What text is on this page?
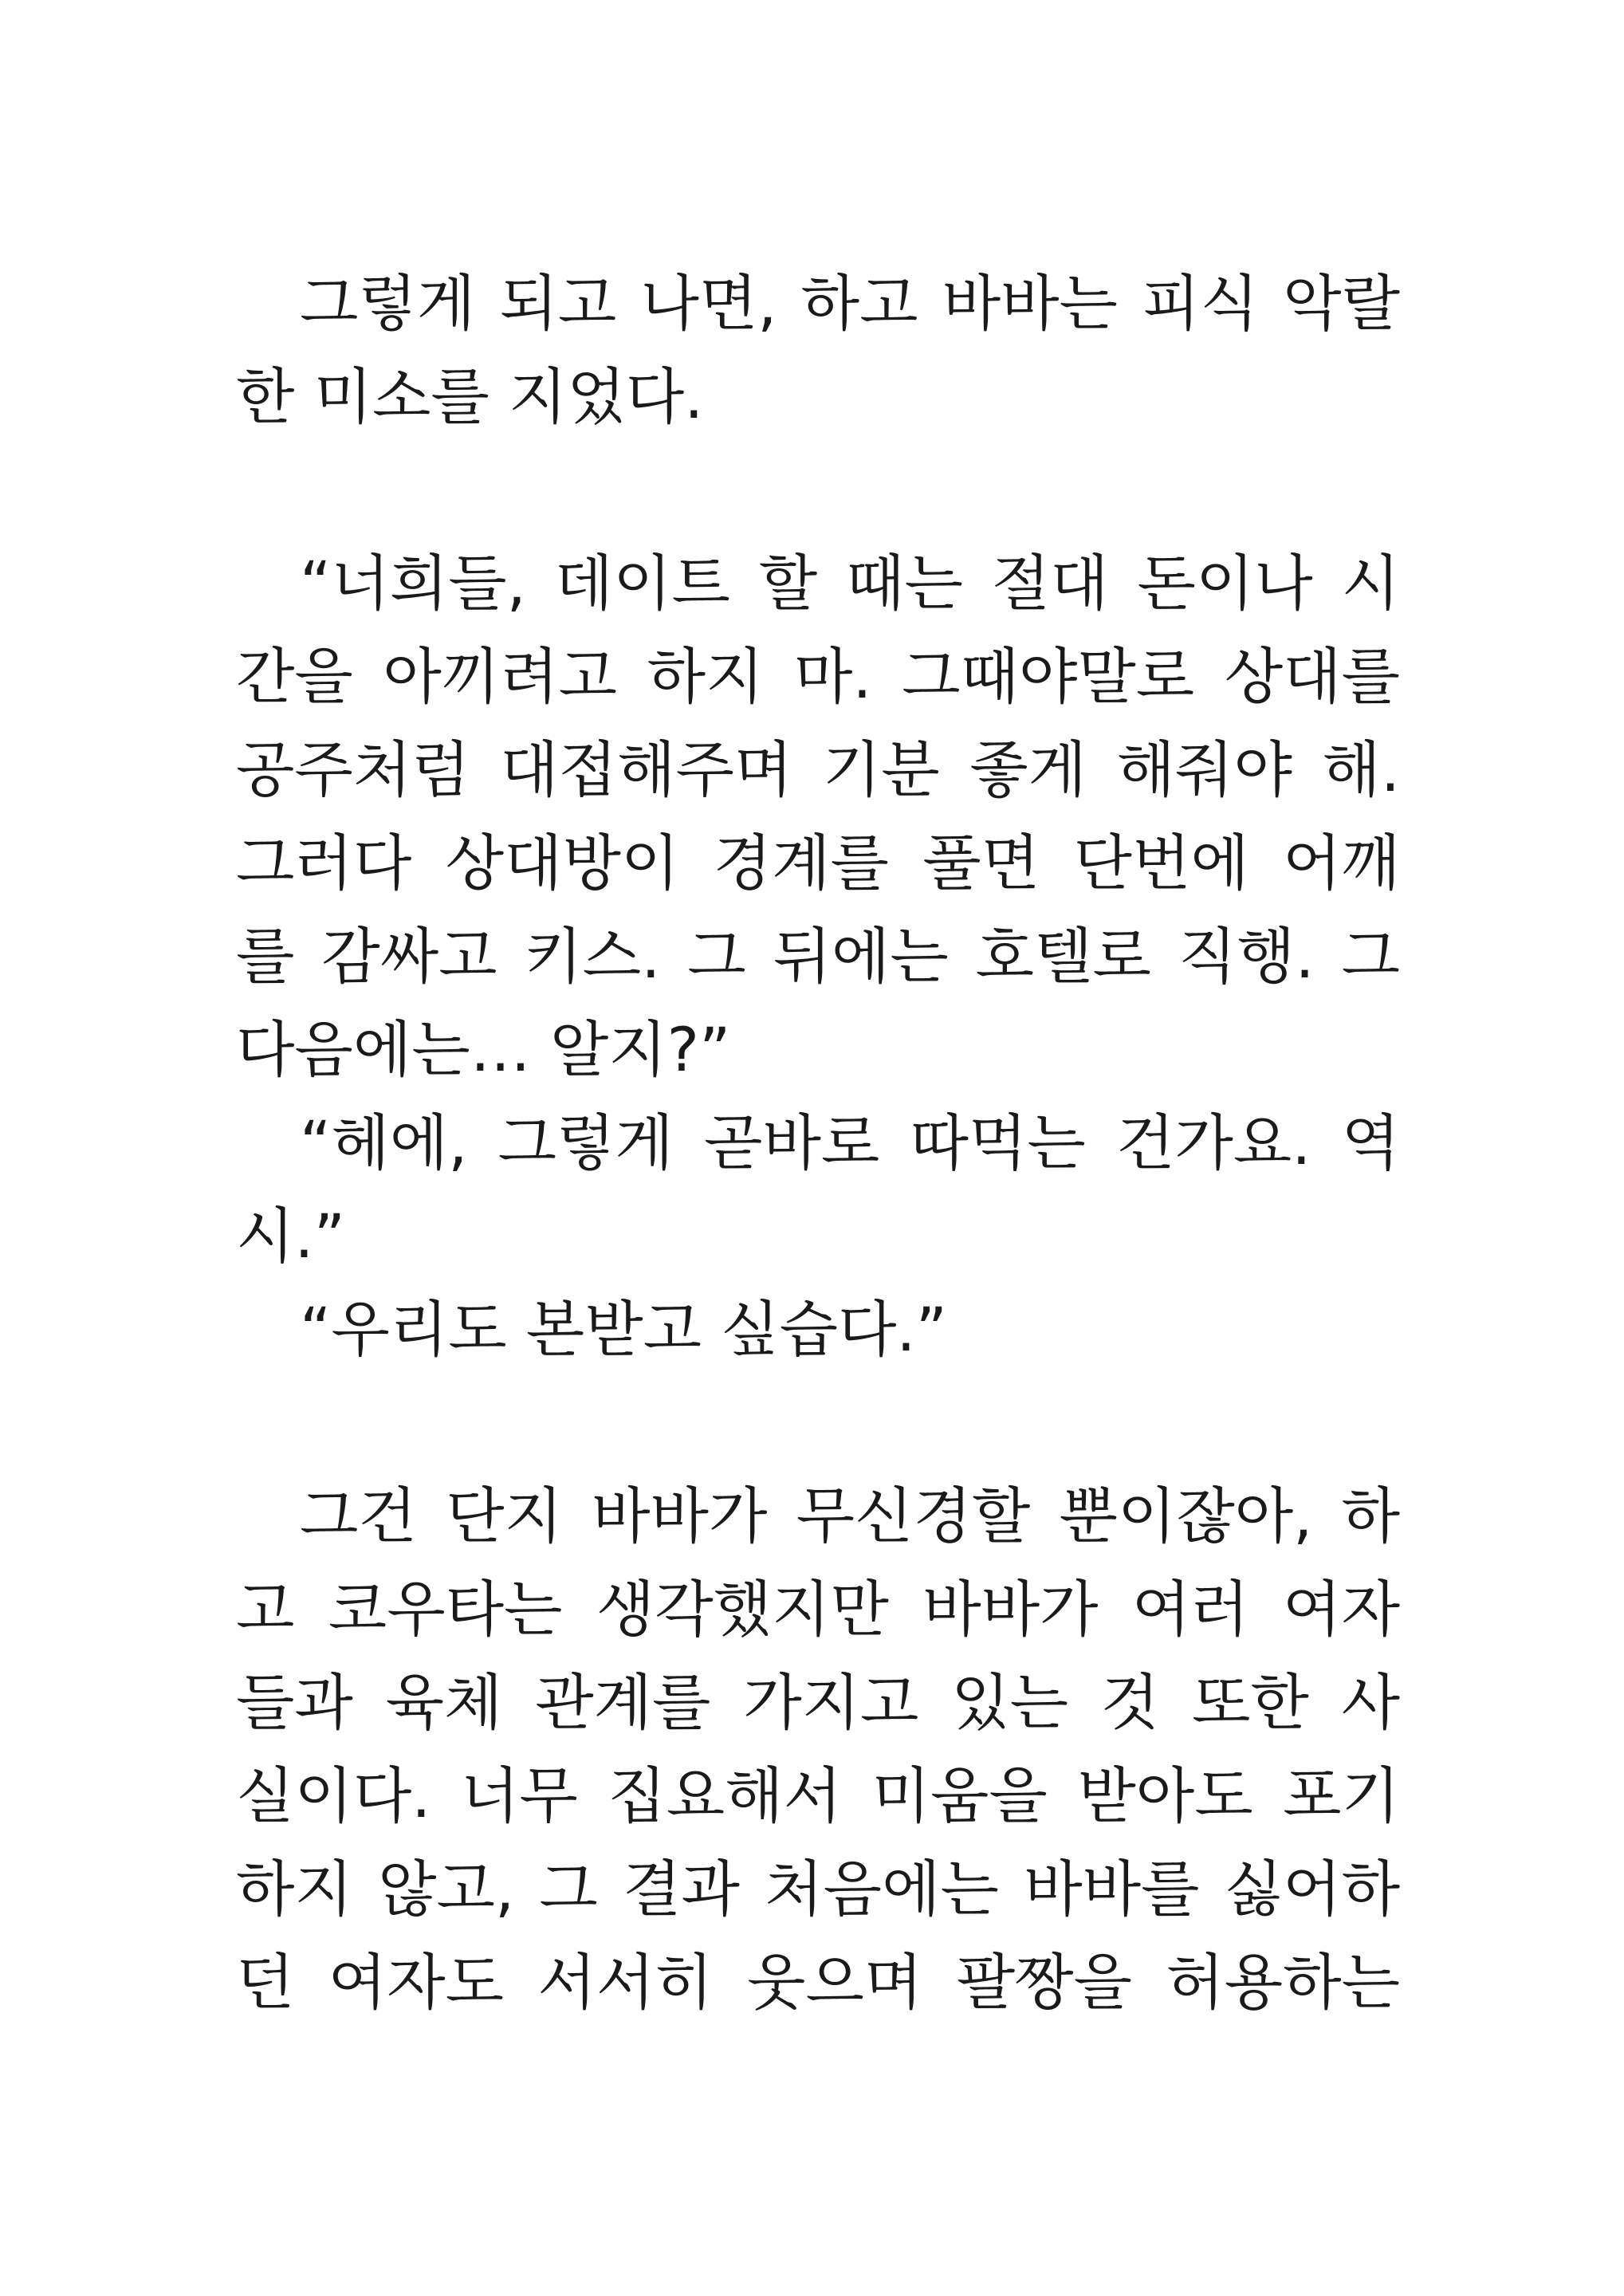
그렇게 되고 나면, 하고 바바는 피식 악랄
한 미소를 지었다.
“너희들, 데이트 할 때는 절대 돈이나 시
간을 아끼려고 하지 마. 그때야말로 상대를
공주처럼 대접해주며 기분 좋게 해줘야 해.
그러다 상대방이 경계를 풀면 단번에 어깨
를 감싸고 키스. 그 뒤에는 호텔로 직행. 그
다음에는… 알지?”
“헤에, 그렇게 곧바로 따먹는 건가요. 역
시.”
“우리도 본받고 싶습다.”
그건 단지 바바가 무신경할 뿐이잖아, 하
고 코우타는 생각했지만 바바가 여러 여자
들과 육체 관계를 가지고 있는 것 또한 사
실이다. 너무 집요해서 미움을 받아도 포기
하지 않고, 그 결과 처음에는 바바를 싫어하
던 여자도 서서히 웃으며 팔짱을 허용하는
